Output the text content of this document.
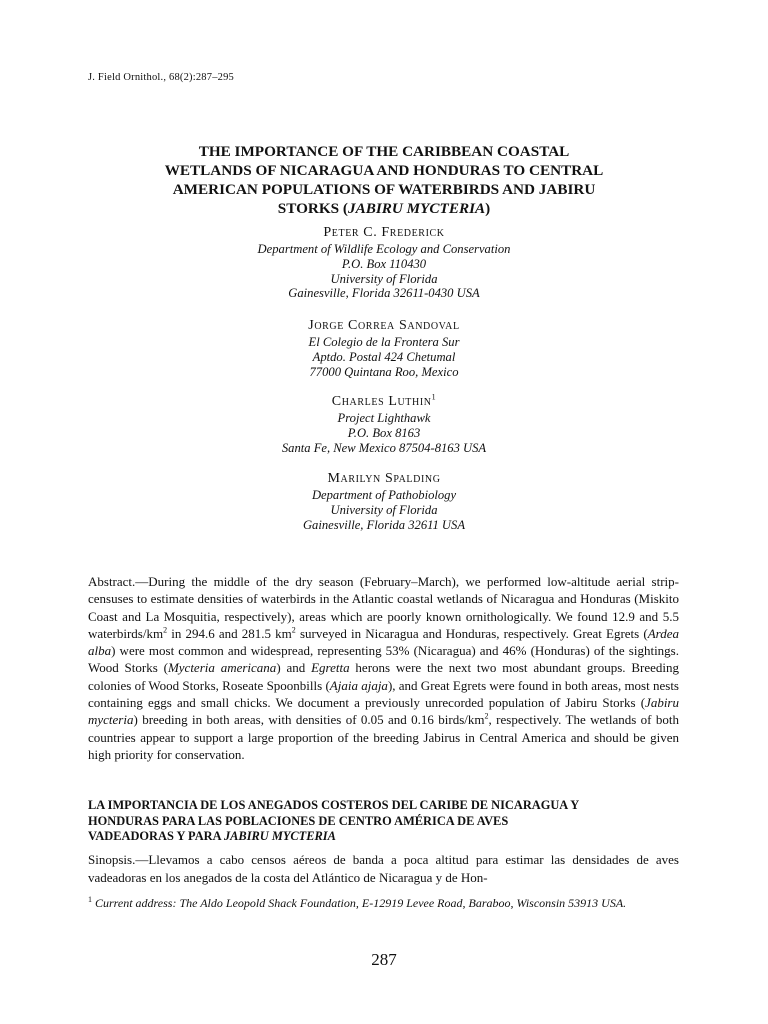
J. Field Ornithol., 68(2):287–295
THE IMPORTANCE OF THE CARIBBEAN COASTAL
WETLANDS OF NICARAGUA AND HONDURAS TO CENTRAL
AMERICAN POPULATIONS OF WATERBIRDS AND JABIRU
STORKS (JABIRU MYCTERIA)
Peter C. Frederick
Department of Wildlife Ecology and Conservation
P.O. Box 110430
University of Florida
Gainesville, Florida 32611-0430 USA
Jorge Correa Sandoval
El Colegio de la Frontera Sur
Aptdo. Postal 424 Chetumal
77000 Quintana Roo, Mexico
Charles Luthin$^1$
Project Lighthawk
P.O. Box 8163
Santa Fe, New Mexico 87504-8163 USA
Marilyn Spalding
Department of Pathobiology
University of Florida
Gainesville, Florida 32611 USA

Abstract.—During the middle of the dry season (February–March), we performed low-altitude aerial strip-censuses to estimate densities of waterbirds in the Atlantic coastal wetlands of Nicaragua and Honduras (Miskito Coast and La Mosquitia, respectively), areas which are poorly known ornithologically. We found 12.9 and 5.5 waterbirds/$km^2$ in 294.6 and 281.5 $km^2$ surveyed in Nicaragua and Honduras, respectively. Great Egrets (Ardea alba) were most common and widespread, representing 53% (Nicaragua) and 46% (Honduras) of the sightings. Wood Storks (Mycteria americana) and Egretta herons were the next two most abundant groups. Breeding colonies of Wood Storks, Roseate Spoonbills (Ajaia ajaja), and Great Egrets were found in both areas, most nests containing eggs and small chicks. We document a previously unrecorded population of Jabiru Storks (Jabiru mycteria) breeding in both areas, with densities of 0.05 and 0.16 birds/$km^2$, respectively. The wetlands of both countries appear to support a large proportion of the breeding Jabirus in Central America and should be given high priority for conservation.

LA IMPORTANCIA DE LOS ANEGADOS COSTEROS DEL CARIBE DE NICARAGUA Y
HONDURAS PARA LAS POBLACIONES DE CENTRO AMÉRICA DE AVES
VADEADORAS Y PARA JABIRU MYCTERIA

Sinopsis.—Llevamos a cabo censos aéreos de banda a poca altitud para estimar las densidades de aves vadeadoras en los anegados de la costa del Atlántico de Nicaragua y de Hon-

$^1$ Current address: The Aldo Leopold Shack Foundation, E-12919 Levee Road, Baraboo, Wisconsin 53913 USA.

287
